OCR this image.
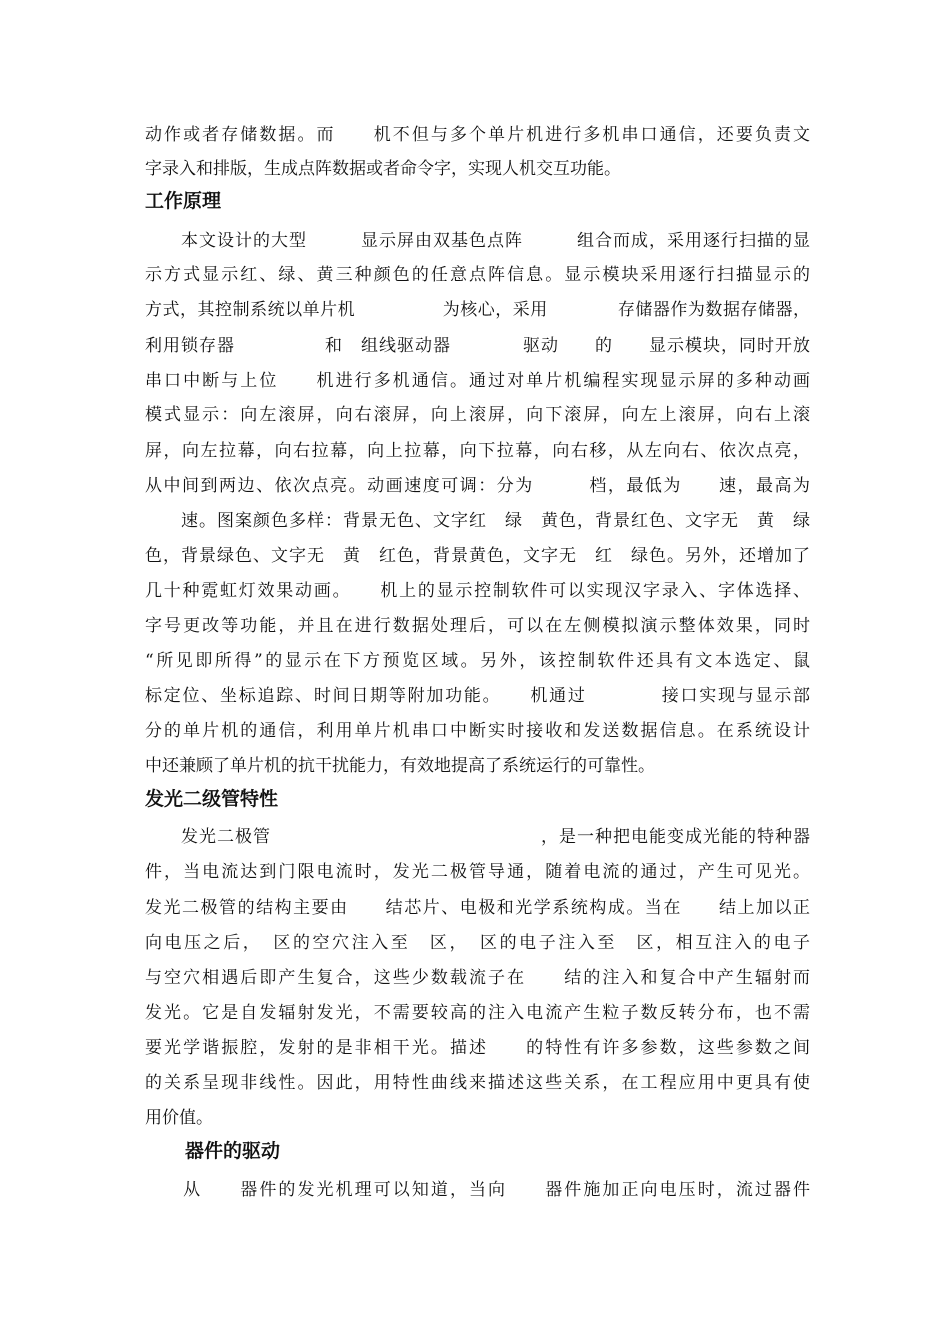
动作或者存储数据。而　　机不但与多个单片机进行多机串口通信，还要负责文
字录入和排版，生成点阵数据或者命令字，实现人机交互功能。
工作原理
　　本文设计的大型　　　显示屏由双基色点阵　　　组合而成，采用逐行扫描的显
示方式显示红、绿、黄三种颜色的任意点阵信息。显示模块采用逐行扫描显示的
方式，其控制系统以单片机　　　　　为核心，采用　　　　存储器作为数据存储器，
利用锁存器　　　　　和　组线驱动器　　　　驱动　　的　　显示模块，同时开放
串口中断与上位　　机进行多机通信。通过对单片机编程实现显示屏的多种动画
模式显示：向左滚屏，向右滚屏，向上滚屏，向下滚屏，向左上滚屏，向右上滚
屏，向左拉幕，向右拉幕，向上拉幕，向下拉幕，向右移，从左向右、依次点亮，
从中间到两边、依次点亮。动画速度可调：分为　　　档，最低为　　速，最高为
　　速。图案颜色多样：背景无色、文字红　绿　黄色，背景红色、文字无　黄　绿
色，背景绿色、文字无　黄　红色，背景黄色，文字无　红　绿色。另外，还增加了
几十种霓虹灯效果动画。　　机上的显示控制软件可以实现汉字录入、字体选择、
字号更改等功能，并且在进行数据处理后，可以在左侧模拟演示整体效果，同时
“所见即所得”的显示在下方预览区域。另外，该控制软件还具有文本选定、鼠
标定位、坐标追踪、时间日期等附加功能。　　机通过　　　　接口实现与显示部
分的单片机的通信，利用单片机串口中断实时接收和发送数据信息。在系统设计
中还兼顾了单片机的抗干扰能力，有效地提高了系统运行的可靠性。
发光二级管特性
　　发光二极管　　　　　　　　　　　　　　　，是一种把电能变成光能的特种器
件，当电流达到门限电流时，发光二极管导通，随着电流的通过，产生可见光。
发光二极管的结构主要由　　结芯片、电极和光学系统构成。当在　　结上加以正
向电压之后，　区的空穴注入至　区，　区的电子注入至　区，相互注入的电子
与空穴相遇后即产生复合，这些少数载流子在　　结的注入和复合中产生辐射而
发光。它是自发辐射发光，不需要较高的注入电流产生粒子数反转分布，也不需
要光学谐振腔，发射的是非相干光。描述　　的特性有许多参数，这些参数之间
的关系呈现非线性。因此，用特性曲线来描述这些关系，在工程应用中更具有使
用价值。
器件的驱动
　　从　　器件的发光机理可以知道，当向　　器件施加正向电压时，流过器件
